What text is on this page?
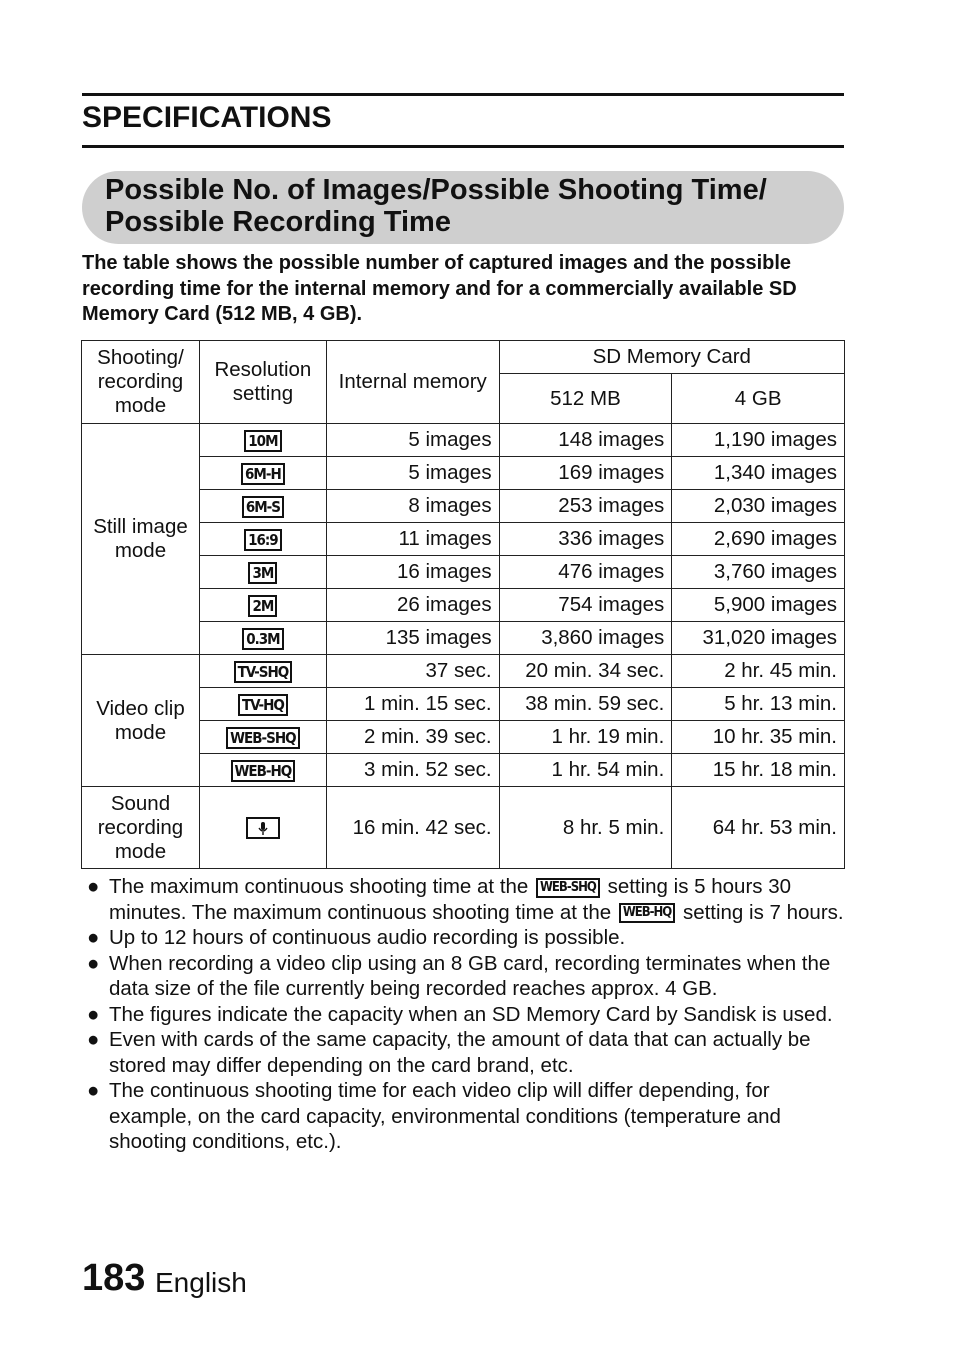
SPECIFICATIONS
Possible No. of Images/Possible Shooting Time/
Possible Recording Time
The table shows the possible number of captured images and the possible recording time for the internal memory and for a commercially available SD Memory Card (512 MB, 4 GB).
Shooting/ recording mode	Resolution setting	Internal memory	SD Memory Card	
			512 MB	4 GB
Still image mode	10M	5 images	148 images	1,190 images
	6M-H	5 images	169 images	1,340 images
	6M-S	8 images	253 images	2,030 images
	16:9	11 images	336 images	2,690 images
	3M	16 images	476 images	3,760 images
	2M	26 images	754 images	5,900 images
	0.3M	135 images	3,860 images	31,020 images
Video clip mode	TV-SHQ	37 sec.	20 min. 34 sec.	2 hr. 45 min.
	TV-HQ	1 min. 15 sec.	38 min. 59 sec.	5 hr. 13 min.
	WEB-SHQ	2 min. 39 sec.	1 hr. 19 min.	10 hr. 35 min.
	WEB-HQ	3 min. 52 sec.	1 hr. 54 min.	15 hr. 18 min.
Sound recording mode		16 min. 42 sec.	8 hr. 5 min.	64 hr. 53 min.
● The maximum continuous shooting time at the WEB-SHQ setting is 5 hours 30 minutes. The maximum continuous shooting time at the WEB-HQ setting is 7 hours.
● Up to 12 hours of continuous audio recording is possible.
● When recording a video clip using an 8 GB card, recording terminates when the data size of the file currently being recorded reaches approx. 4 GB.
● The figures indicate the capacity when an SD Memory Card by Sandisk is used.
● Even with cards of the same capacity, the amount of data that can actually be stored may differ depending on the card brand, etc.
● The continuous shooting time for each video clip will differ depending, for example, on the card capacity, environmental conditions (temperature and shooting conditions, etc.).
183 English
